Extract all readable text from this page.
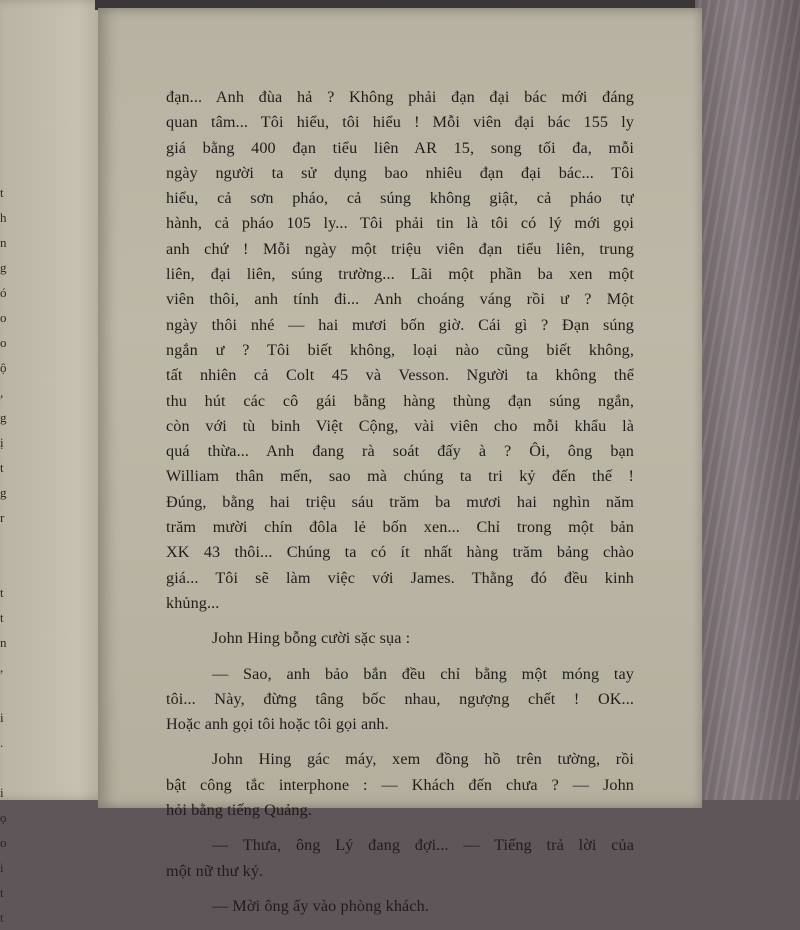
t
h
n
g
ó
o
o
ộ
,
g
ị
t
g
r
t
t
n
,
i
.
i
ọ
o
i
t
t
đạn... Anh đùa hả ? Không phải đạn đại bác mới đáng
quan tâm... Tôi hiểu, tôi hiểu ! Mỗi viên đại bác 155 ly
giá bằng 400 đạn tiểu liên AR 15, song tối đa, mỗi
ngày người ta sử dụng bao nhiêu đạn đại bác... Tôi
hiểu, cả sơn pháo, cả súng không giật, cả pháo tự
hành, cả pháo 105 ly... Tôi phải tin là tôi có lý mới gọi
anh chứ ! Mỗi ngày một triệu viên đạn tiểu liên, trung
liên, đại liên, súng trường... Lãi một phần ba xen một
viên thôi, anh tính đi... Anh choáng váng rồi ư ? Một
ngày thôi nhé — hai mươi bốn giờ. Cái gì ? Đạn súng
ngắn ư ? Tôi biết không, loại nào cũng biết không,
tất nhiên cả Colt 45 và Vesson. Người ta không thể
thu hút các cô gái bằng hàng thùng đạn súng ngắn,
còn với tù binh Việt Cộng, vài viên cho mỗi khẩu là
quá thừa... Anh đang rà soát đấy à ? Ôi, ông bạn
William thân mến, sao mà chúng ta tri kỷ đến thế !
Đúng, bằng hai triệu sáu trăm ba mươi hai nghìn năm
trăm mười chín đôla lẻ bốn xen... Chỉ trong một bản
XK 43 thôi... Chúng ta có ít nhất hàng trăm bảng chào
giá... Tôi sẽ làm việc với James. Thằng đó đều kinh
khủng...
John Hing bỗng cười sặc sụa :
— Sao, anh bảo bắn đều chỉ bằng một móng tay
tôi... Này, đừng tâng bốc nhau, ngượng chết ! OK...
Hoặc anh gọi tôi hoặc tôi gọi anh.
John Hing gác máy, xem đồng hồ trên tường, rồi
bật công tắc interphone : — Khách đến chưa ? — John
hỏi bằng tiếng Quảng.
— Thưa, ông Lý đang đợi... — Tiếng trả lời của
một nữ thư ký.
— Mời ông ấy vào phòng khách.
